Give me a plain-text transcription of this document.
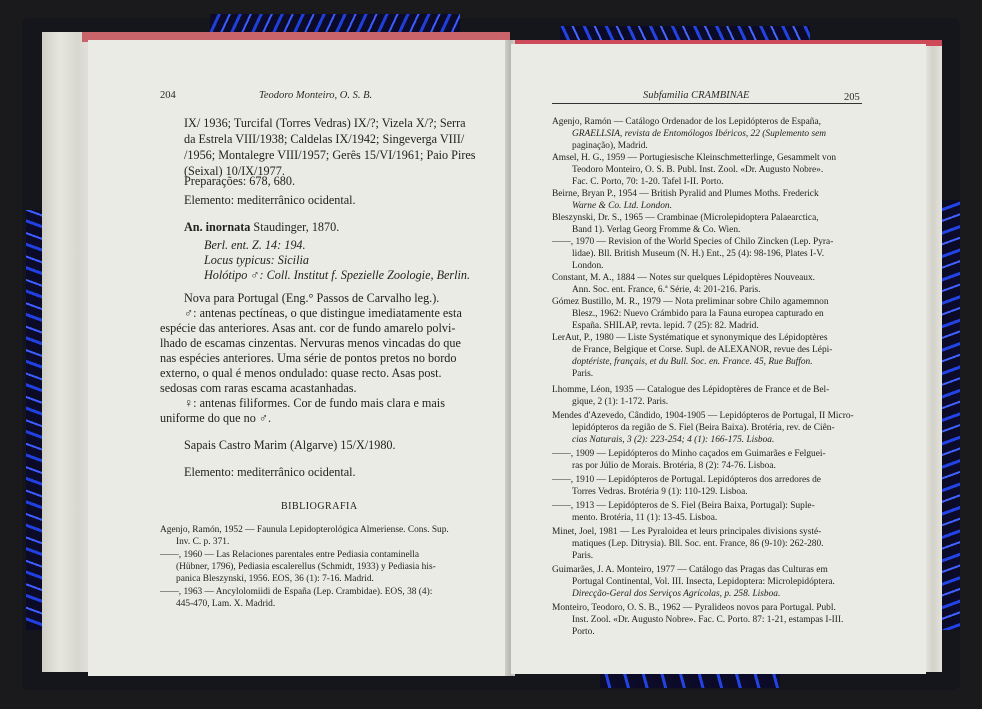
204	Teodoro Monteiro, O. S. B.
IX/ 1936; Turcifal (Torres Vedras) IX/?; Vizela X/?; Serra
da Estrela VIII/1938; Caldelas IX/1942; Singeverga VIII/
/1956; Montalegre VIII/1957; Gerês 15/VI/1961; Paio Pires
(Seixal) 10/IX/1977.
Preparações: 678, 680.
Elemento: mediterrânico ocidental.
An. inornata Staudinger, 1870.
Berl. ent. Z. 14: 194.
Locus typicus: Sicilia
Holótipo ♂: Coll. Institut f. Spezielle Zoologie, Berlin.
Nova para Portugal (Eng.° Passos de Carvalho leg.).
♂: antenas pectíneas, o que distingue imediatamente esta
espécie das anteriores. Asas ant. cor de fundo amarelo polvi-
lhado de escamas cinzentas. Nervuras menos vincadas do que
nas espécies anteriores. Uma série de pontos pretos no bordo
externo, o qual é menos ondulado: quase recto. Asas post.
sedosas com raras escama acastanhadas.
♀: antenas filiformes. Cor de fundo mais clara e mais
uniforme do que no ♂.
Sapais Castro Marim (Algarve) 15/X/1980.
Elemento: mediterrânico ocidental.
BIBLIOGRAFIA
Agenjo, Ramón, 1952 — Faunula Lepidopterológica Almeriense. Cons. Sup.
Inv. C. p. 371.
——, 1960 — Las Relaciones parentales entre Pediasia contaminella
(Hübner, 1796), Pediasia escalerellus (Schmidt, 1933) y Pediasia his-
panica Bleszynski, 1956. EOS, 36 (1): 7-16. Madrid.
——, 1963 — Ancylolomiidi de España (Lep. Crambidae). EOS, 38 (4):
445-470, Lam. X. Madrid.
Subfamilia CRAMBINAE	205
Agenjo, Ramón — Catálogo Ordenador de los Lepidópteros de España,
GRAELLSIA, revista de Entomólogos Ibéricos, 22 (Suplemento sem
paginação), Madrid.
Amsel, H. G., 1959 — Portugiesische Kleinschmetterlinge, Gesammelt von
Teodoro Monteiro, O. S. B. Publ. Inst. Zool. «Dr. Augusto Nobre».
Fac. C. Porto, 70: 1-20. Tafel I-II. Porto.
Beirne, Bryan P., 1954 — British Pyralid and Plumes Moths. Frederick
Warne & Co. Ltd. London.
Bleszynski, Dr. S., 1965 — Crambinae (Microlepidoptera Palaearctica,
Band 1). Verlag Georg Fromme & Co. Wien.
——, 1970 — Revision of the World Species of Chilo Zincken (Lep. Pyra-
lidae). Bll. British Museum (N. H.) Ent., 25 (4): 98-196, Plates I-V.
London.
Constant, M. A., 1884 — Notes sur quelques Lépidoptères Nouveaux.
Ann. Soc. ent. France, 6.ª Série, 4: 201-216. Paris.
Gómez Bustillo, M. R., 1979 — Nota preliminar sobre Chilo agamemnon
Blesz., 1962: Nuevo Crámbido para la Fauna europea capturado en
España. SHILAP, revta. lepid. 7 (25): 82. Madrid.
LerAut, P., 1980 — Liste Systématique et synonymique des Lépidoptères
de France, Belgique et Corse. Supl. de ALEXANOR, revue des Lépi-
doptériste, français, et du Bull. Soc. en. France. 45, Rue Buffon.
Paris.
Lhomme, Léon, 1935 — Catalogue des Lépidoptères de France et de Bel-
gique, 2 (1): 1-172. Paris.
Mendes d'Azevedo, Cândido, 1904-1905 — Lepidópteros de Portugal, II Micro-
lepidópteros da região de S. Fiel (Beira Baixa). Brotéria, rev. de Ciên-
cias Naturais, 3 (2): 223-254; 4 (1): 166-175. Lisboa.
——, 1909 — Lepidópteros do Minho caçados em Guimarães e Felguei-
ras por Júlio de Morais. Brotéria, 8 (2): 74-76. Lisboa.
——, 1910 — Lepidópteros de Portugal. Lepidópteros dos arredores de
Torres Vedras. Brotéria 9 (1): 110-129. Lisboa.
——, 1913 — Lepidópteros de S. Fiel (Beira Baixa, Portugal): Suple-
mento. Brotéria, 11 (1): 13-45. Lisboa.
Minet, Joel, 1981 — Les Pyraloidea et leurs principales divisions systé-
matiques (Lep. Ditrysia). Bll. Soc. ent. France, 86 (9-10): 262-280.
Paris.
Guimarães, J. A. Monteiro, 1977 — Catálogo das Pragas das Culturas em
Portugal Continental, Vol. III. Insecta, Lepidoptera: Microlepidóptera.
Direcção-Geral dos Serviços Agrícolas, p. 258. Lisboa.
Monteiro, Teodoro, O. S. B., 1962 — Pyralideos novos para Portugal. Publ.
Inst. Zool. «Dr. Augusto Nobre». Fac. C. Porto. 87: 1-21, estampas I-III.
Porto.
